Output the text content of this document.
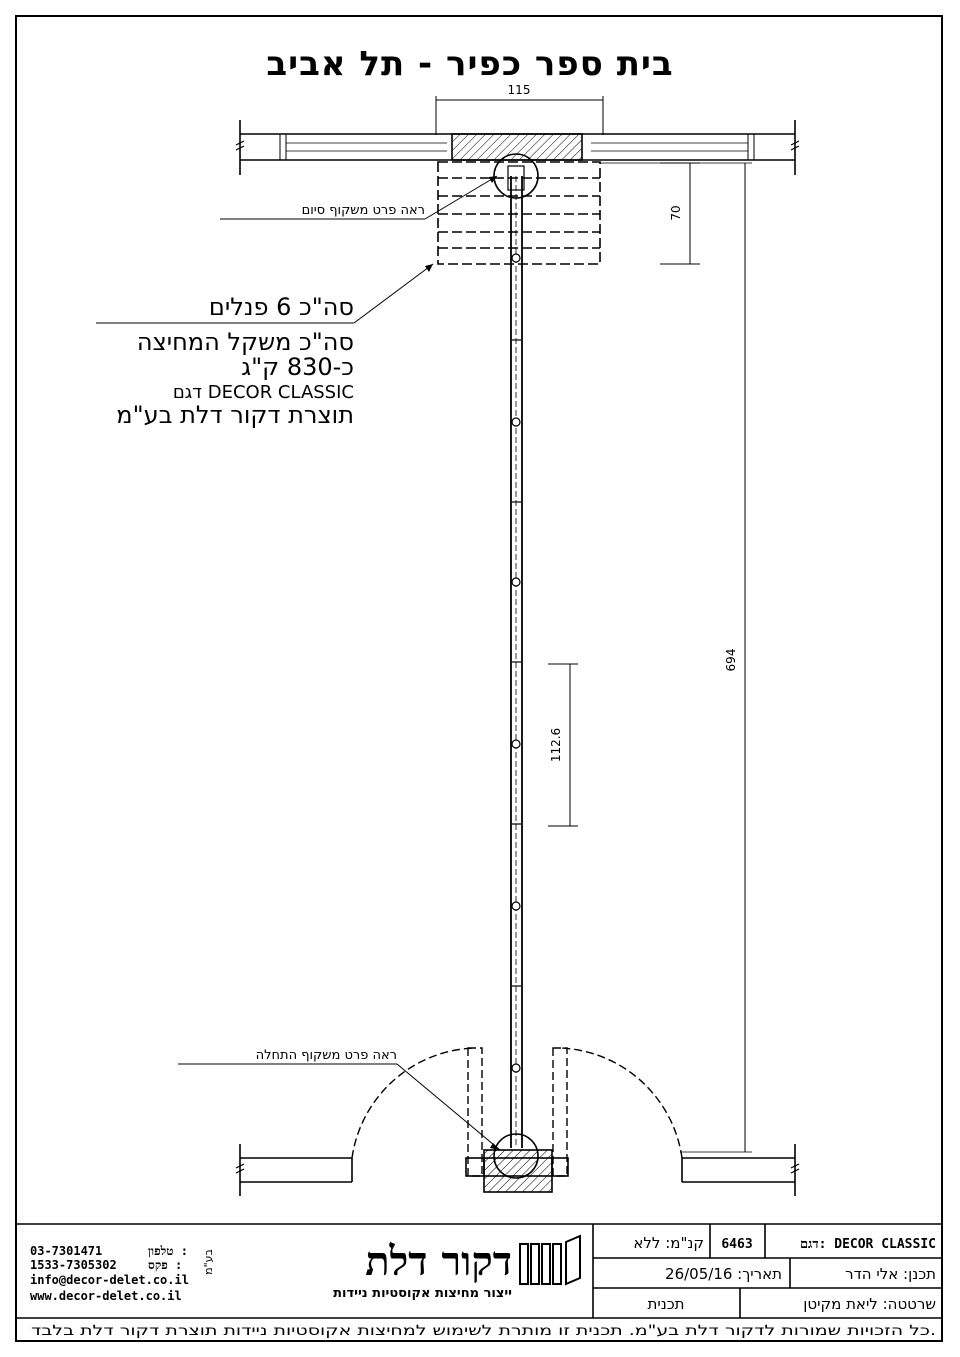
בית ספר כפיר - תל אביב
115
70
694
112.6
ראה פרט משקוף סיום
ראה פרט משקוף התחלה
סה"כ 6 פנלים
סה"כ משקל המחיצה
כ-830 ק"ג
דגם DECOR CLASSIC
תוצרת דקור דלת בע"מ
03-7301471	טלפון :
1533-7305302	פקס :
info@decor-delet.co.il
www.decor-delet.co.il
דקור דלת
בע"מ
ייצור מחיצות אקוסטיות ניידות
דגם: DECOR CLASSIC
6463
קנ"מ: ללא
תכנן: אלי הדר
תאריך: 26/05/16
שרטטה: ליאת מקיטן
תכנית
כל הזכויות שמורות לדקור דלת בע"מ. תכנית זו מותרת לשימוש למחיצות אקוסטיות ניידות תוצרת דקור דלת בלבד.
